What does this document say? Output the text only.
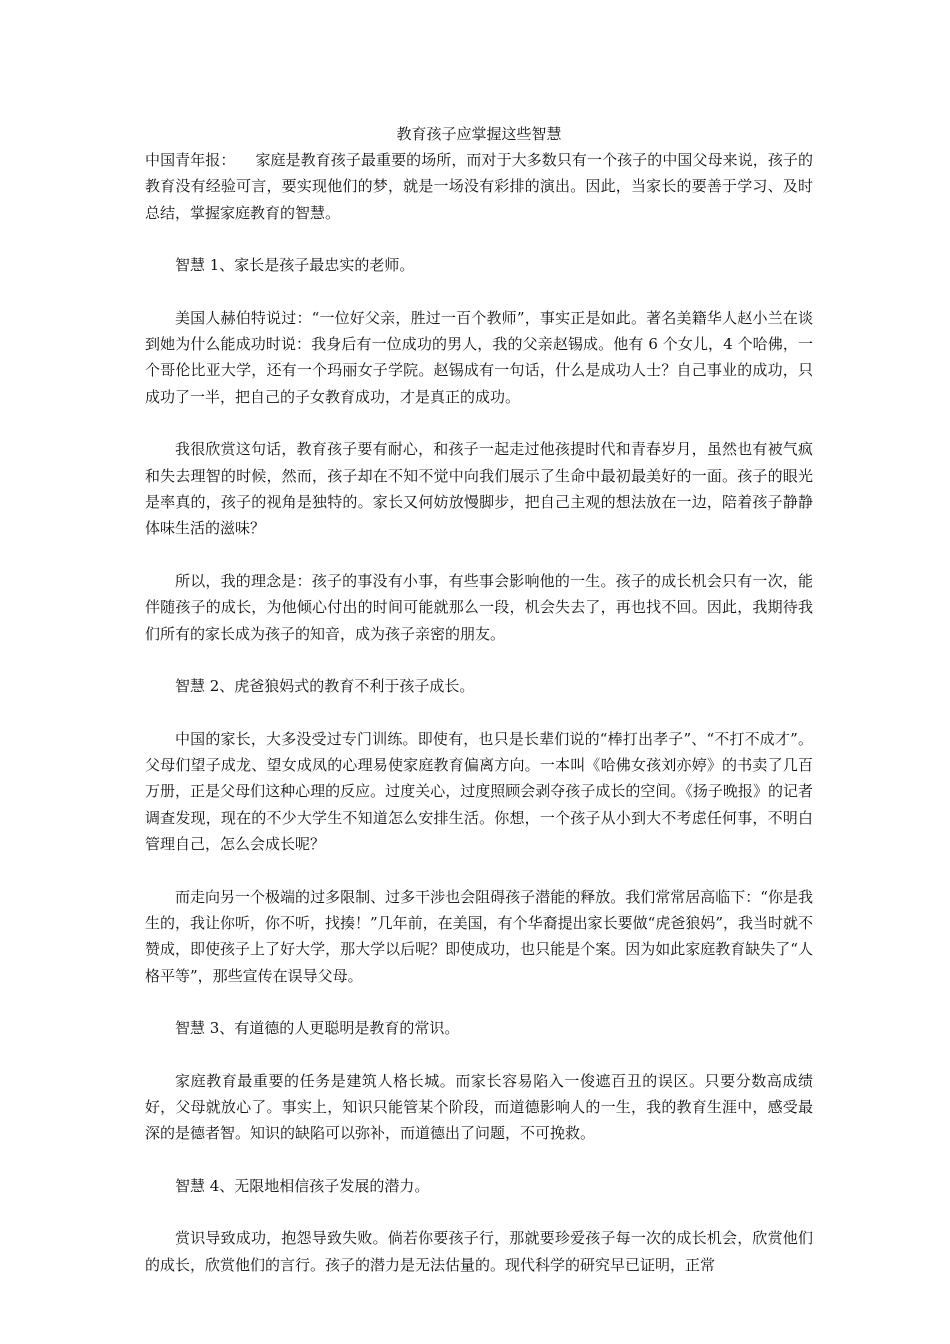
教育孩子应掌握这些智慧

中国青年报： 家庭是教育孩子最重要的场所，而对于大多数只有一个孩子的中国父母来说，孩子的教育没有经验可言，要实现他们的梦，就是一场没有彩排的演出。因此，当家长的要善于学习、及时总结，掌握家庭教育的智慧。

智慧 1、家长是孩子最忠实的老师。

美国人赫伯特说过：“一位好父亲，胜过一百个教师”，事实正是如此。著名美籍华人赵小兰在谈到她为什么能成功时说：我身后有一位成功的男人，我的父亲赵锡成。他有 6 个女儿，4 个哈佛，一个哥伦比亚大学，还有一个玛丽女子学院。赵锡成有一句话，什么是成功人士？自己事业的成功，只成功了一半，把自己的子女教育成功，才是真正的成功。

我很欣赏这句话，教育孩子要有耐心，和孩子一起走过他孩提时代和青春岁月，虽然也有被气疯和失去理智的时候，然而，孩子却在不知不觉中向我们展示了生命中最初最美好的一面。孩子的眼光是率真的，孩子的视角是独特的。家长又何妨放慢脚步，把自己主观的想法放在一边，陪着孩子静静体味生活的滋味？

所以，我的理念是：孩子的事没有小事，有些事会影响他的一生。孩子的成长机会只有一次，能伴随孩子的成长，为他倾心付出的时间可能就那么一段，机会失去了，再也找不回。因此，我期待我们所有的家长成为孩子的知音，成为孩子亲密的朋友。

智慧 2、虎爸狼妈式的教育不利于孩子成长。

中国的家长，大多没受过专门训练。即使有，也只是长辈们说的“棒打出孝子”、“不打不成才”。父母们望子成龙、望女成凤的心理易使家庭教育偏离方向。一本叫《哈佛女孩刘亦婷》的书卖了几百万册，正是父母们这种心理的反应。过度关心，过度照顾会剥夺孩子成长的空间。《扬子晚报》的记者调查发现，现在的不少大学生不知道怎么安排生活。你想，一个孩子从小到大不考虑任何事，不明白管理自己，怎么会成长呢？

而走向另一个极端的过多限制、过多干涉也会阻碍孩子潜能的释放。我们常常居高临下：“你是我生的，我让你听，你不听，找揍！”几年前，在美国，有个华裔提出家长要做“虎爸狼妈”，我当时就不赞成，即使孩子上了好大学，那大学以后呢？即使成功，也只能是个案。因为如此家庭教育缺失了“人格平等”，那些宣传在误导父母。

智慧 3、有道德的人更聪明是教育的常识。

家庭教育最重要的任务是建筑人格长城。而家长容易陷入一俊遮百丑的误区。只要分数高成绩好，父母就放心了。事实上，知识只能管某个阶段，而道德影响人的一生，我的教育生涯中，感受最深的是德者智。知识的缺陷可以弥补，而道德出了问题，不可挽救。

智慧 4、无限地相信孩子发展的潜力。

赏识导致成功，抱怨导致失败。倘若你要孩子行，那就要珍爱孩子每一次的成长机会，欣赏他们的成长，欣赏他们的言行。孩子的潜力是无法估量的。现代科学的研究早已证明，正常
